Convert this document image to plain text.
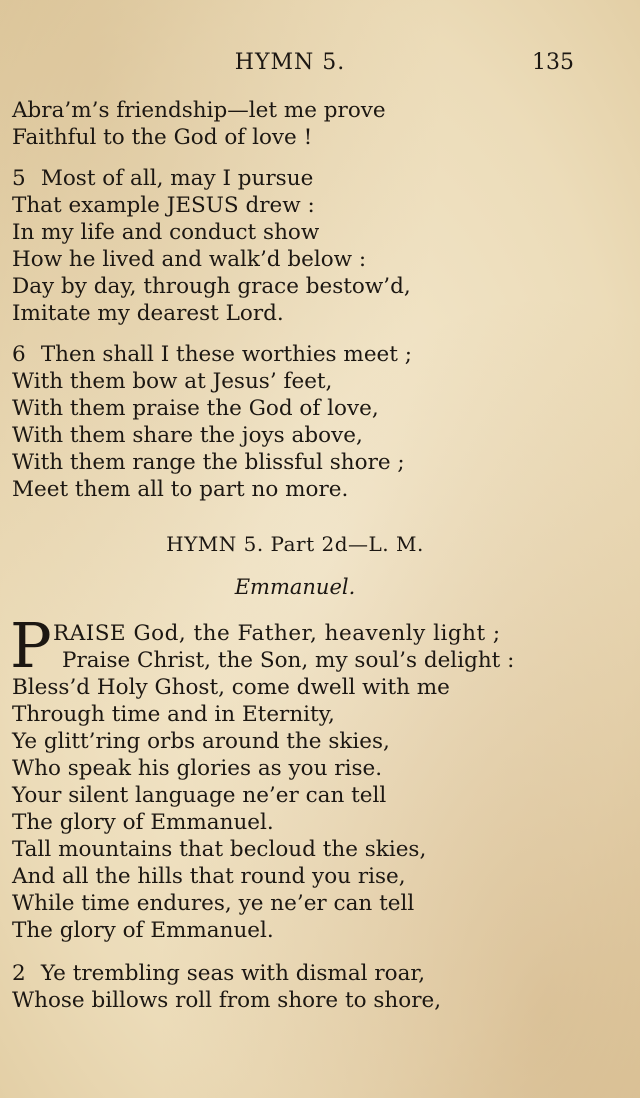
HYMN 5.	135
Abra’m’s friendship—let me prove
Faithful to the God of love !
5 Most of all, may I pursue
That example JESUS drew :
In my life and conduct show
How he lived and walk’d below :
Day by day, through grace bestow’d,
Imitate my dearest Lord.
6 Then shall I these worthies meet ;
With them bow at Jesus’ feet,
With them praise the God of love,
With them share the joys above,
With them range the blissful shore ;
Meet them all to part no more.
HYMN 5. Part 2d—L. M.
Emmanuel.
P RAISE God, the Father, heavenly light ;
Praise Christ, the Son, my soul’s delight :
Bless’d Holy Ghost, come dwell with me
Through time and in Eternity,
Ye glitt’ring orbs around the skies,
Who speak his glories as you rise.
Your silent language ne’er can tell
The glory of Emmanuel.
Tall mountains that becloud the skies,
And all the hills that round you rise,
While time endures, ye ne’er can tell
The glory of Emmanuel.
2 Ye trembling seas with dismal roar,
Whose billows roll from shore to shore,
